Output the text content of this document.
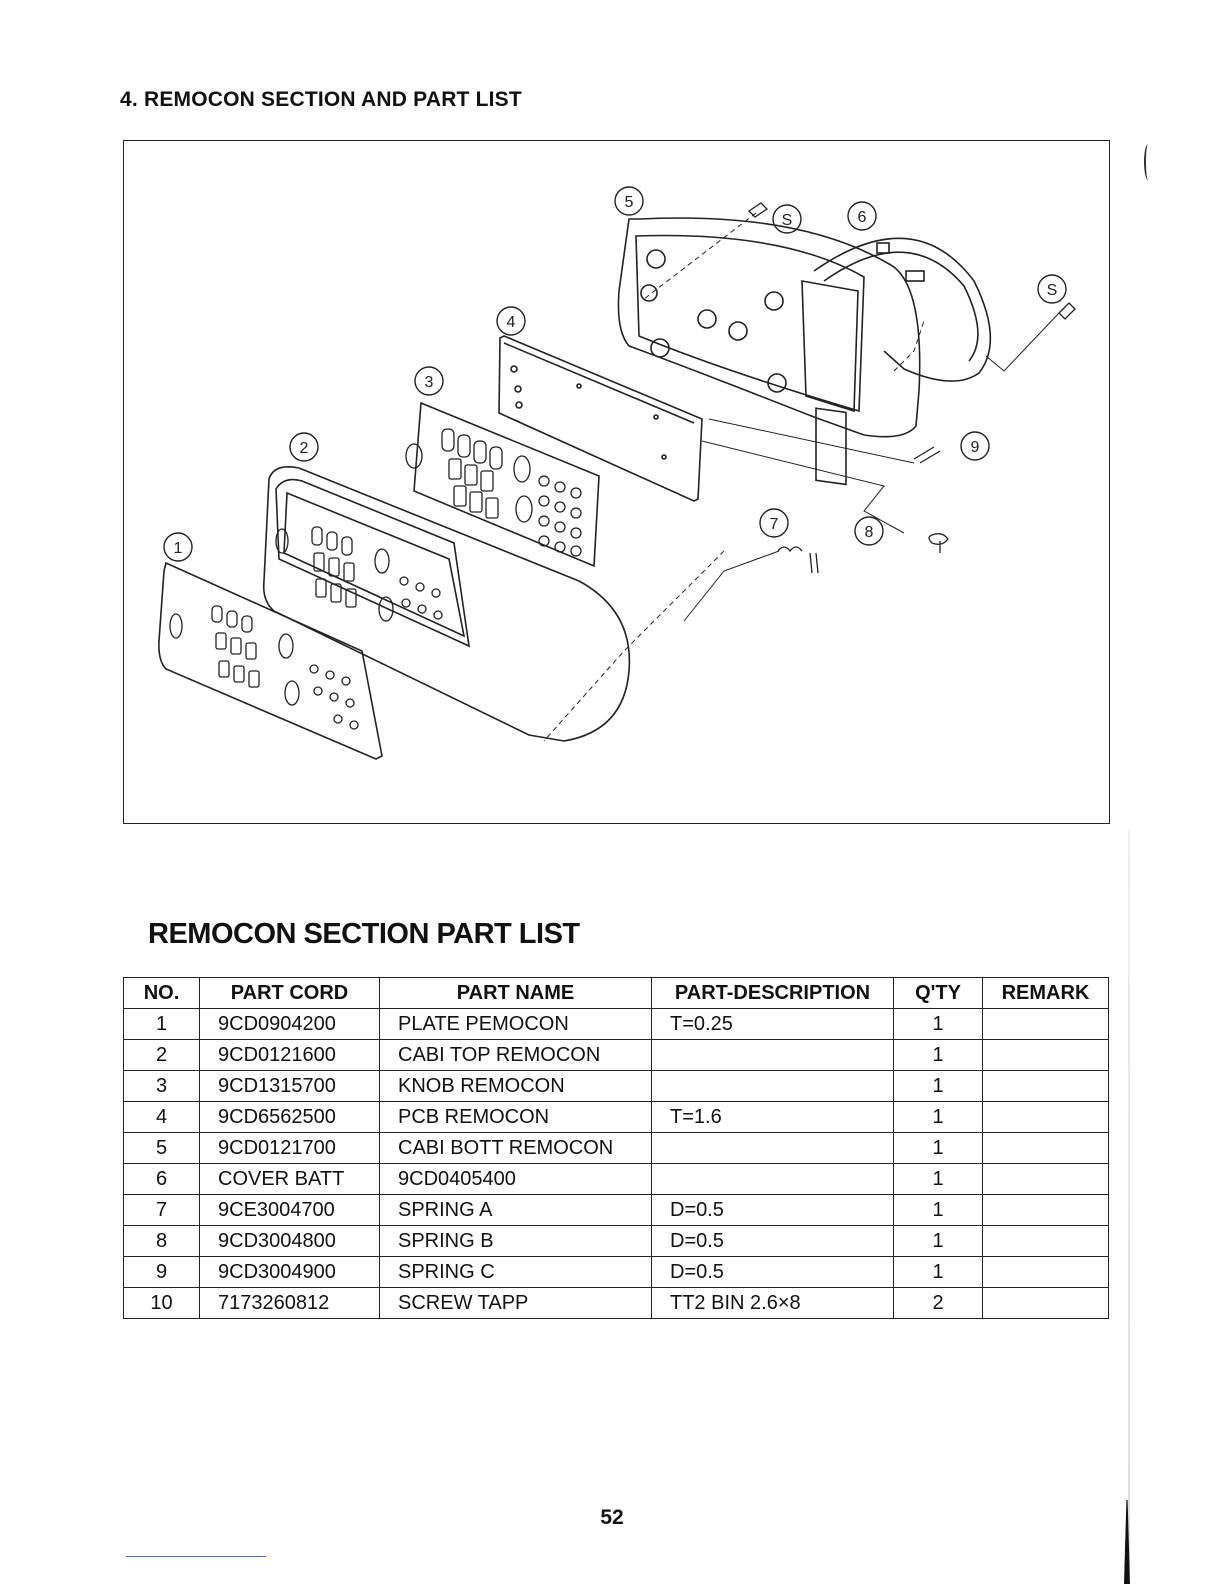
4. REMOCON SECTION AND PART LIST
5
S	6
S
4
3
2
1
7	8
9
REMOCON SECTION PART LIST
NO.	PART CORD	PART NAME	PART-DESCRIPTION	Q'TY	REMARK
1	9CD0904200	PLATE PEMOCON	T=0.25	1	
2	9CD0121600	CABI TOP REMOCON		1	
3	9CD1315700	KNOB REMOCON		1	
4	9CD6562500	PCB REMOCON	T=1.6	1	
5	9CD0121700	CABI BOTT REMOCON		1	
6	COVER BATT	9CD0405400		1	
7	9CE3004700	SPRING A	D=0.5	1	
8	9CD3004800	SPRING B	D=0.5	1	
9	9CD3004900	SPRING C	D=0.5	1	
10	7173260812	SCREW TAPP	TT2 BIN 2.6×8	2	
52
